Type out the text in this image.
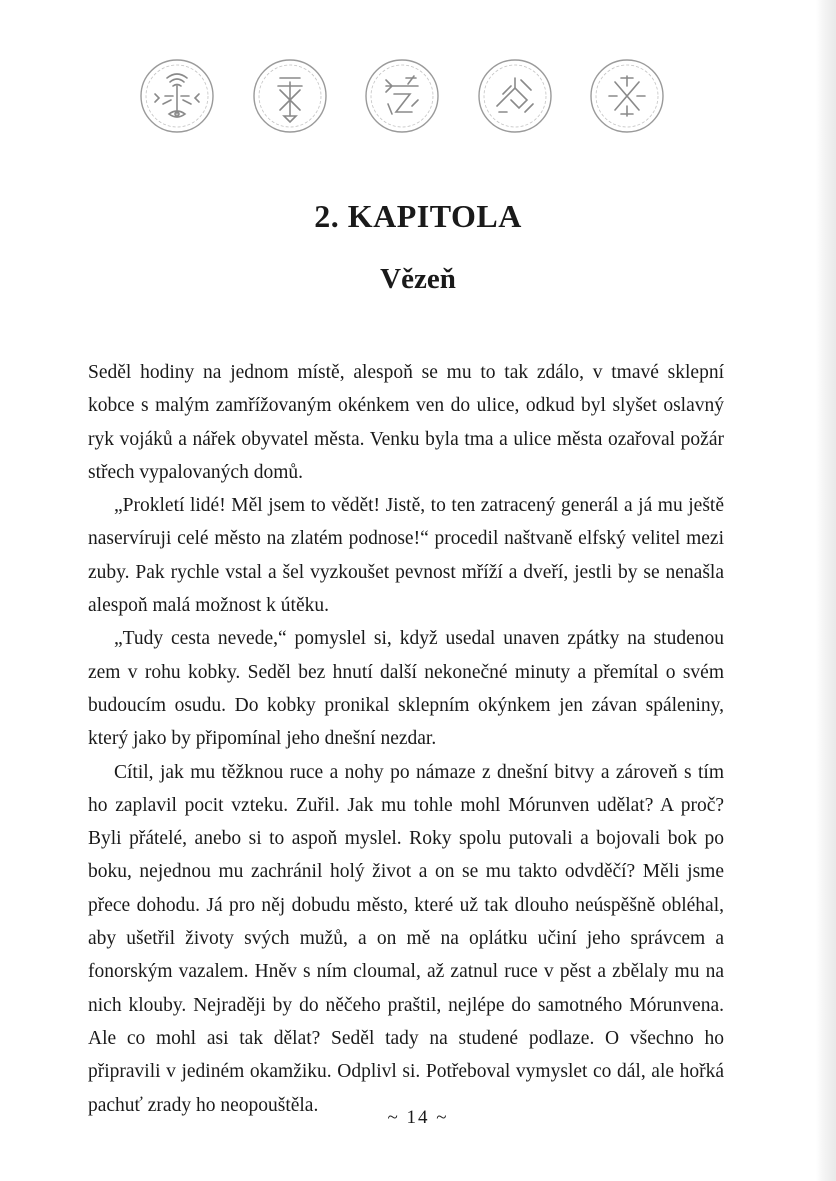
2. KAPITOLA
Vězeň

Seděl hodiny na jednom místě, alespoň se mu to tak zdálo, v tmavé sklepní kobce s malým zamřížovaným okénkem ven do ulice, odkud byl slyšet oslavný ryk vojáků a nářek obyvatel města. Venku byla tma a ulice města ozařoval požár střech vypalovaných domů.

„Prokletí lidé! Měl jsem to vědět! Jistě, to ten zatracený generál a já mu ještě naservíruji celé město na zlatém podnose!“ procedil naštvaně elfský velitel mezi zuby. Pak rychle vstal a šel vyzkoušet pevnost mříží a dveří, jestli by se nenašla alespoň malá možnost k útěku.

„Tudy cesta nevede,“ pomyslel si, když usedal unaven zpátky na studenou zem v rohu kobky. Seděl bez hnutí další nekonečné minuty a přemítal o svém budoucím osudu. Do kobky pronikal sklepním okýnkem jen závan spáleniny, který jako by připomínal jeho dnešní nezdar.

Cítil, jak mu těžknou ruce a nohy po námaze z dnešní bitvy a zároveň s tím ho zaplavil pocit vzteku. Zuřil. Jak mu tohle mohl Mórunven udělat? A proč? Byli přátelé, anebo si to aspoň myslel. Roky spolu putovali a bojovali bok po boku, nejednou mu zachránil holý život a on se mu takto odvděčí? Měli jsme přece dohodu. Já pro něj dobudu město, které už tak dlouho neúspěšně obléhal, aby ušetřil životy svých mužů, a on mě na oplátku učiní jeho správcem a fonorským vazalem. Hněv s ním cloumal, až zatnul ruce v pěst a zbělaly mu na nich klouby. Nejraději by do něčeho praštil, nejlépe do samotného Mórunvena. Ale co mohl asi tak dělat? Seděl tady na studené podlaze. O všechno ho připravili v jediném okamžiku. Odplivl si. Potřeboval vymyslet co dál, ale hořká pachuť zrady ho neopouštěla.

~ 14 ~
